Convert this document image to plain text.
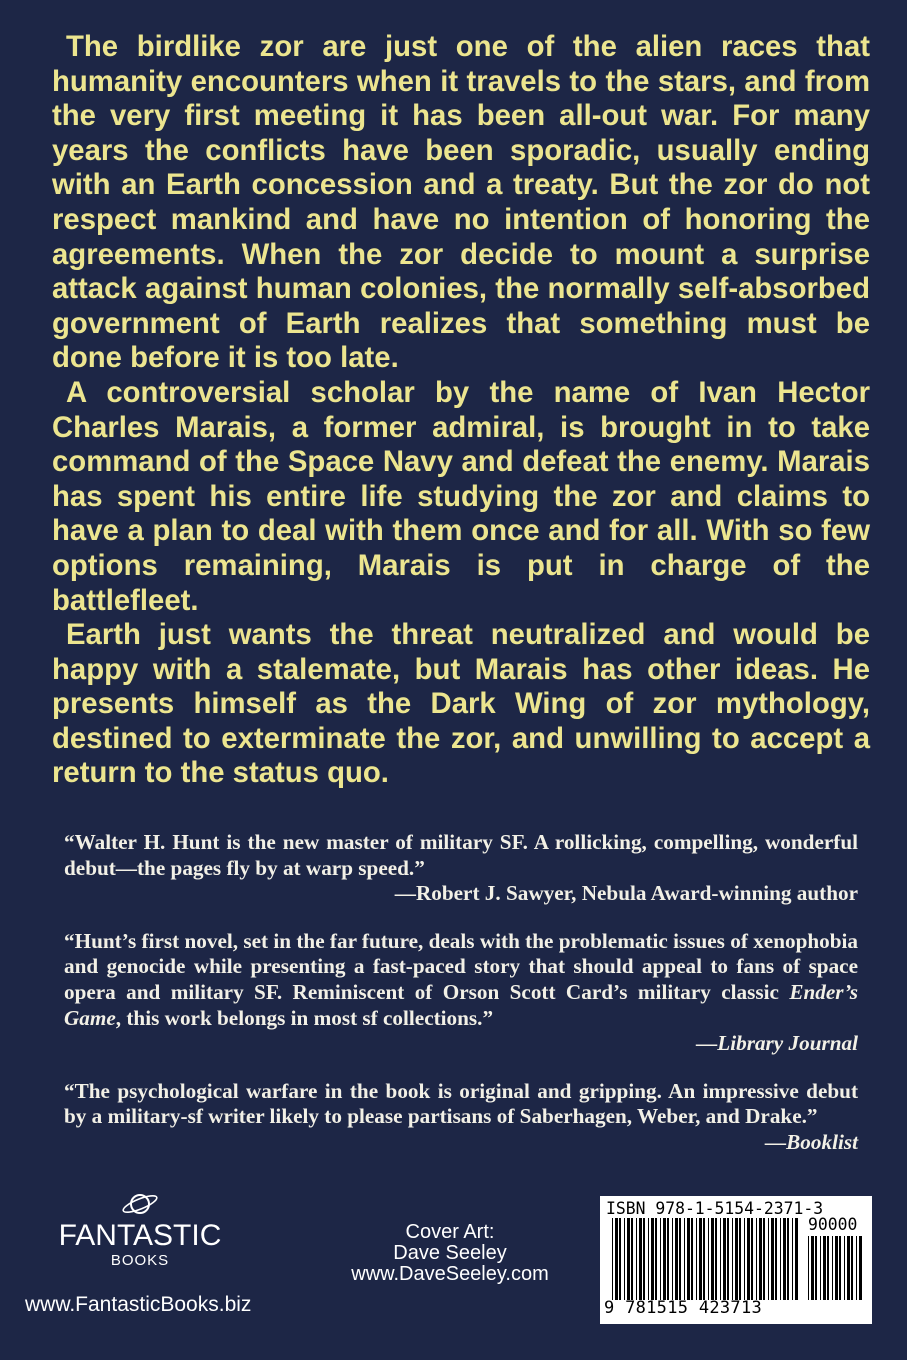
The birdlike zor are just one of the alien races that humanity encounters when it travels to the stars, and from the very first meeting it has been all-out war. For many years the conflicts have been sporadic, usually ending with an Earth concession and a treaty. But the zor do not respect mankind and have no intention of honoring the agreements. When the zor decide to mount a surprise attack against human colonies, the normally self-absorbed government of Earth realizes that something must be done before it is too late.

A controversial scholar by the name of Ivan Hector Charles Marais, a former admiral, is brought in to take command of the Space Navy and defeat the enemy. Marais has spent his entire life studying the zor and claims to have a plan to deal with them once and for all. With so few options remaining, Marais is put in charge of the battlefleet.

Earth just wants the threat neutralized and would be happy with a stalemate, but Marais has other ideas. He presents himself as the Dark Wing of zor mythology, destined to exterminate the zor, and unwilling to accept a return to the status quo.

“Walter H. Hunt is the new master of military SF. A rollicking, compelling, wonderful debut—the pages fly by at warp speed.”
—Robert J. Sawyer, Nebula Award-winning author
“Hunt’s first novel, set in the far future, deals with the problematic issues of xenophobia and genocide while presenting a fast-paced story that should appeal to fans of space opera and military SF. Reminiscent of Orson Scott Card’s military classic Ender’s Game, this work belongs in most sf collections.”
—Library Journal
“The psychological warfare in the book is original and gripping. An impressive debut by a military-sf writer likely to please partisans of Saberhagen, Weber, and Drake.”
—Booklist
FANTASTIC
BOOKS
www.FantasticBooks.biz
Cover Art:
Dave Seeley
www.DaveSeeley.com
ISBN 978-1-5154-2371-3
90000
9 781515 423713
